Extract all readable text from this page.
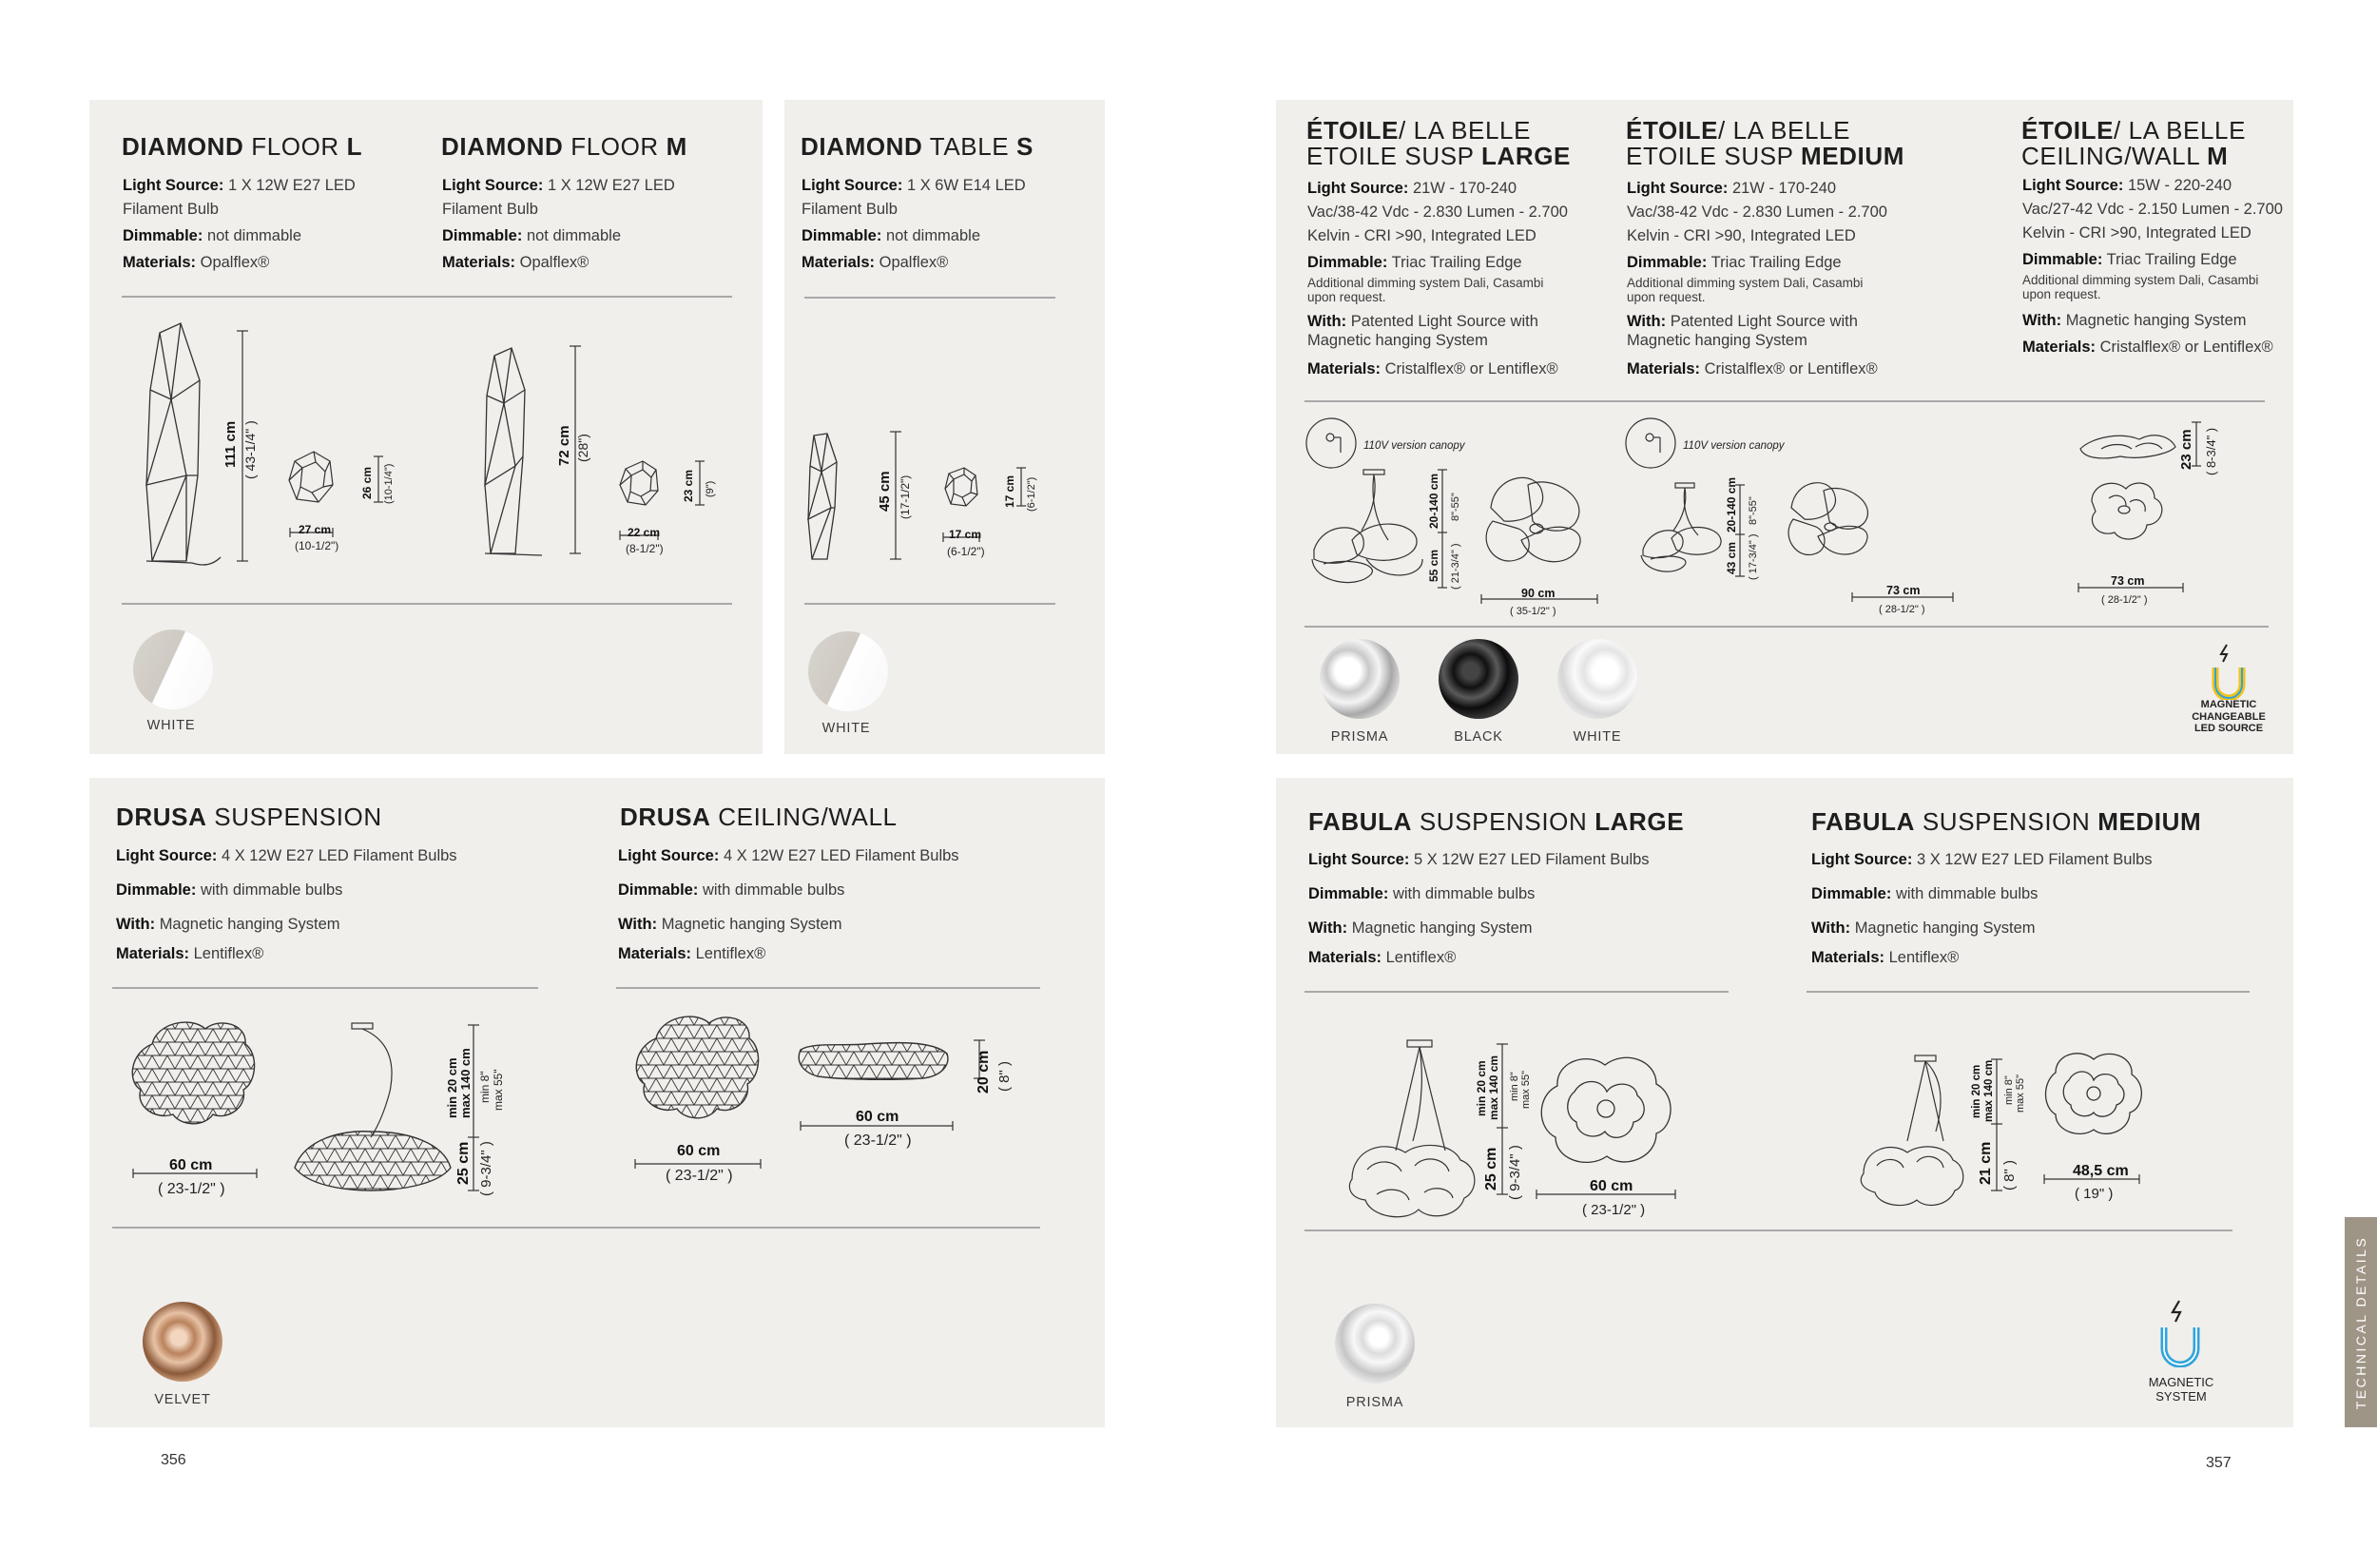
DIAMOND FLOOR L

Light Source: 1 X 12W E27 LED Filament Bulb

Dimmable: not dimmable

Materials: Opalflex®

DIAMOND FLOOR M

Light Source: 1 X 12W E27 LED Filament Bulb

Dimmable: not dimmable

Materials: Opalflex®

111 cm ( 43-1/4" )
27 cm
(10-1/2")
26 cm (10-1/4")
72 cm (28")
22 cm
(8-1/2")
23 cm (9")
WHITE
DIAMOND TABLE S

Light Source: 1 X 6W E14 LED Filament Bulb

Dimmable: not dimmable

Materials: Opalflex®

45 cm (17-1/2")
17 cm
(6-1/2")
17 cm (6-1/2")
WHITE
ÉTOILE/ LA BELLE
ETOILE SUSP LARGE

Light Source: 21W - 170-240 Vac/38-42 Vdc - 2.830 Lumen - 2.700 Kelvin - CRI >90, Integrated LED

Dimmable: Triac Trailing Edge

Additional dimming system Dali, Casambi upon request.

With: Patented Light Source with Magnetic hanging System

Materials: Cristalflex® or Lentiflex®

ÉTOILE/ LA BELLE
ETOILE SUSP MEDIUM

Light Source: 21W - 170-240 Vac/38-42 Vdc - 2.830 Lumen - 2.700 Kelvin - CRI >90, Integrated LED

Dimmable: Triac Trailing Edge

Additional dimming system Dali, Casambi upon request.

With: Patented Light Source with Magnetic hanging System

Materials: Cristalflex® or Lentiflex®

ÉTOILE/ LA BELLE
CEILING/WALL M

Light Source: 15W - 220-240 Vac/27-42 Vdc - 2.150 Lumen - 2.700 Kelvin - CRI >90, Integrated LED

Dimmable: Triac Trailing Edge

Additional dimming system Dali, Casambi upon request.

With: Magnetic hanging System

Materials: Cristalflex® or Lentiflex®

110V version canopy
20-140 cm 8"-55"
55 cm ( 21-3/4" )
90 cm
( 35-1/2" )
110V version canopy
20-140 cm 8"-55"
43 cm ( 17-3/4" )
73 cm
( 28-1/2" )
23 cm ( 8-3/4" )
73 cm
( 28-1/2" )
PRISMA	BLACK	WHITE
MAGNETIC
CHANGEABLE
LED SOURCE
DRUSA SUSPENSION

Light Source: 4 X 12W E27 LED Filament Bulbs

Dimmable: with dimmable bulbs

With: Magnetic hanging System

Materials: Lentiflex®

DRUSA CEILING/WALL

Light Source: 4 X 12W E27 LED Filament Bulbs

Dimmable: with dimmable bulbs

With: Magnetic hanging System

Materials: Lentiflex®

60 cm
( 23-1/2" )
min 20 cm max 140 cm min 8" max 55"
25 cm ( 9-3/4" )	60 cm
( 23-1/2" )
60 cm
( 23-1/2" )
20 cm ( 8" )
VELVET
FABULA SUSPENSION LARGE

Light Source: 5 X 12W E27 LED Filament Bulbs

Dimmable: with dimmable bulbs

With: Magnetic hanging System

Materials: Lentiflex®

FABULA SUSPENSION MEDIUM

Light Source: 3 X 12W E27 LED Filament Bulbs

Dimmable: with dimmable bulbs

With: Magnetic hanging System

Materials: Lentiflex®

min 20 cm max 140 cm min 8" max 55"
25 cm ( 9-3/4" )	60 cm
( 23-1/2" )
min 20 cm max 140 cm min 8" max 55"
21 cm ( 8" )	48,5 cm
( 19" )
PRISMA
MAGNETIC
SYSTEM
356	357
TECHNICAL DETAILS
